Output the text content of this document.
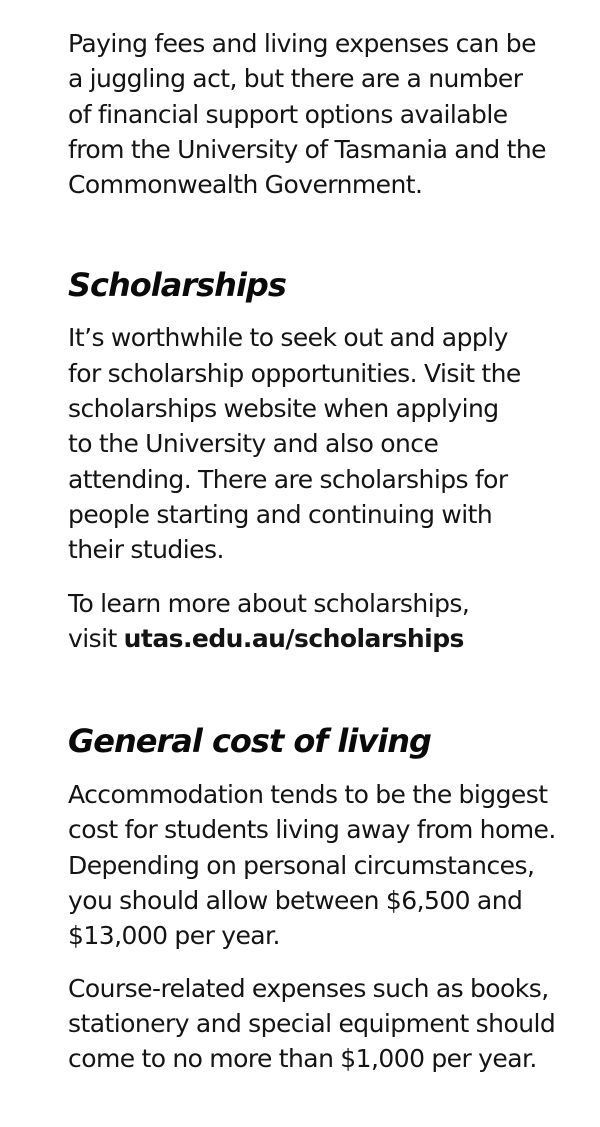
Paying fees and living expenses can be
a juggling act, but there are a number
of financial support options available
from the University of Tasmania and the
Commonwealth Government.

Scholarships

It’s worthwhile to seek out and apply
for scholarship opportunities. Visit the
scholarships website when applying
to the University and also once
attending. There are scholarships for
people starting and continuing with
their studies.

To learn more about scholarships,
visit utas.edu.au/scholarships

General cost of living

Accommodation tends to be the biggest
cost for students living away from home.
Depending on personal circumstances,
you should allow between $6,500 and
$13,000 per year.

Course-related expenses such as books,
stationery and special equipment should
come to no more than $1,000 per year.
